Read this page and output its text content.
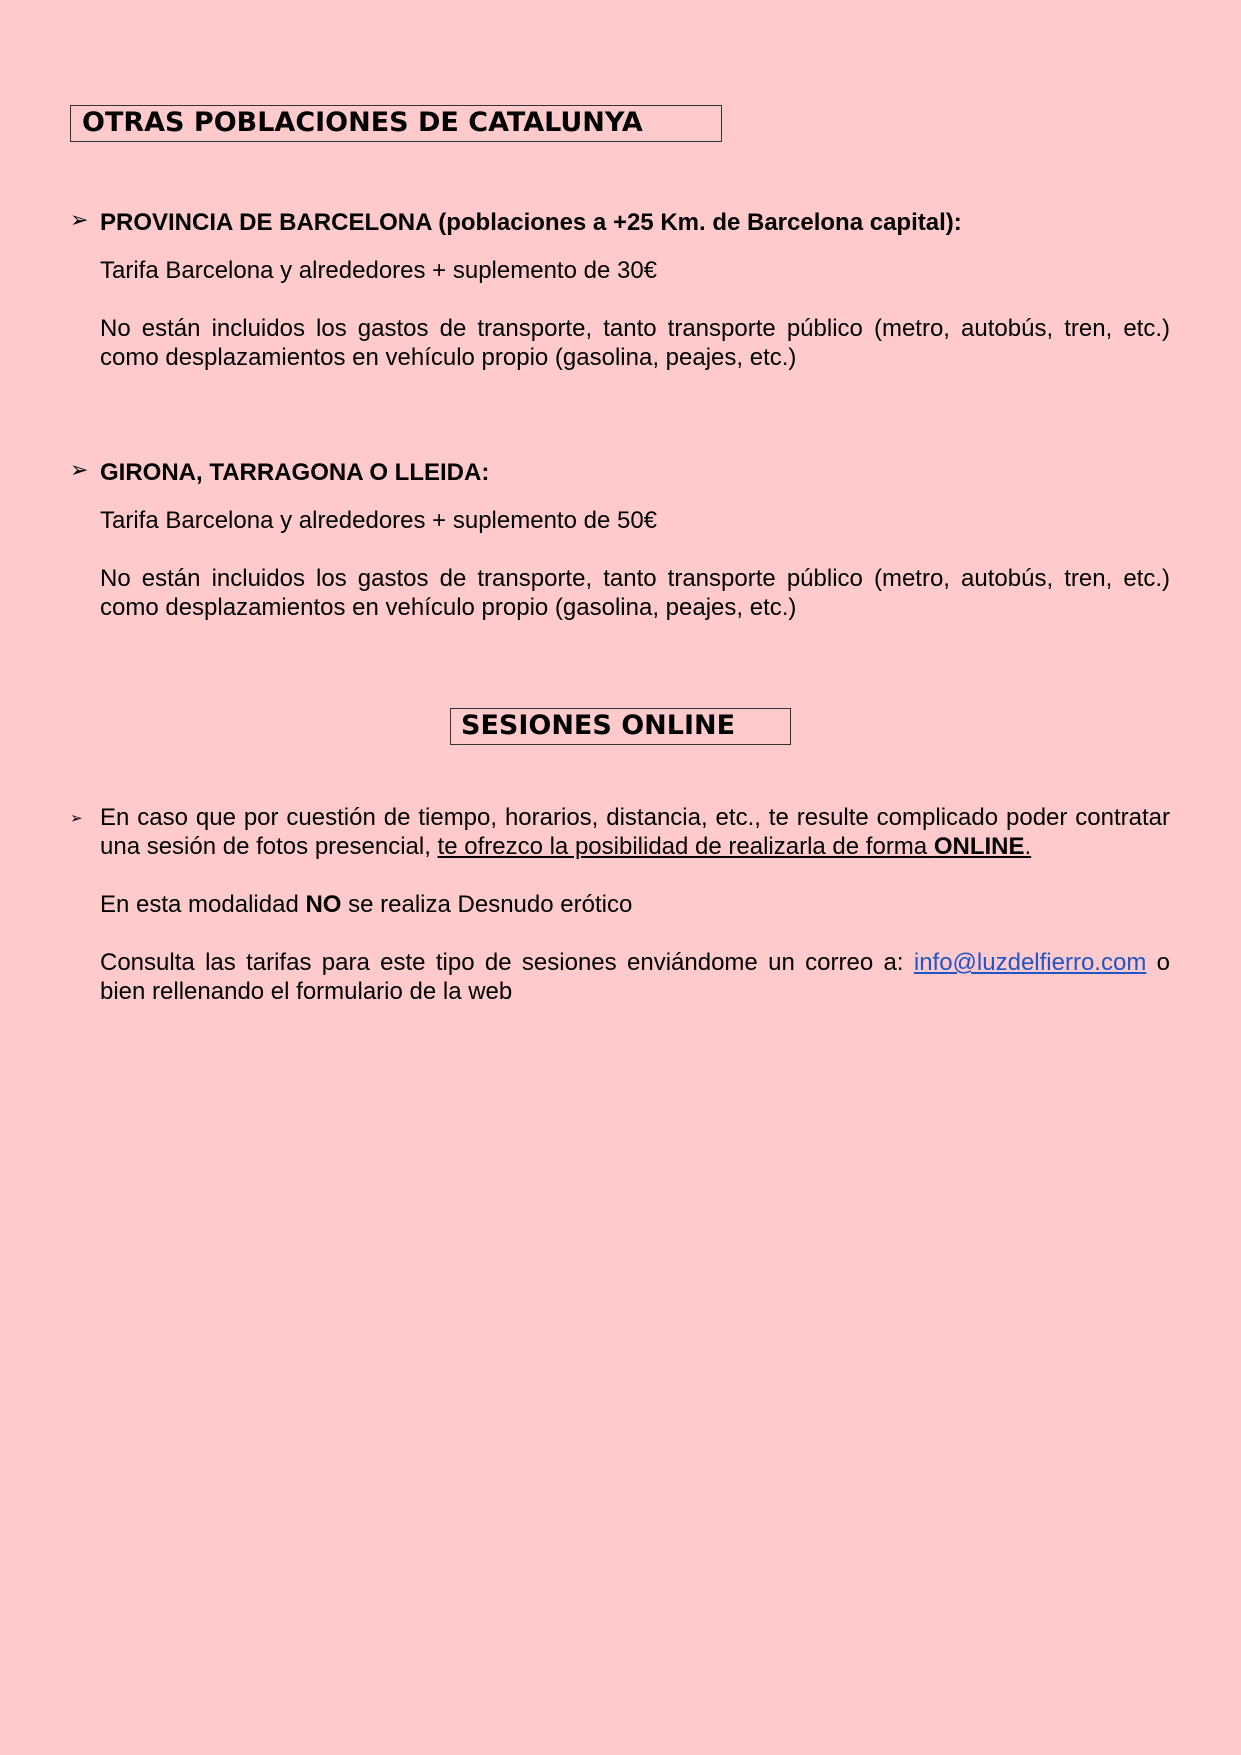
OTRAS POBLACIONES DE CATALUNYA
➢ PROVINCIA DE BARCELONA (poblaciones a +25 Km. de Barcelona capital):
Tarifa Barcelona y alrededores + suplemento de 30€
No están incluidos los gastos de transporte, tanto transporte público (metro, autobús, tren, etc.) como desplazamientos en vehículo propio (gasolina, peajes, etc.)
➢ GIRONA, TARRAGONA O LLEIDA:
Tarifa Barcelona y alrededores + suplemento de 50€
No están incluidos los gastos de transporte, tanto transporte público (metro, autobús, tren, etc.) como desplazamientos en vehículo propio (gasolina, peajes, etc.)
SESIONES ONLINE
➢ En caso que por cuestión de tiempo, horarios, distancia, etc., te resulte complicado poder contratar una sesión de fotos presencial, te ofrezco la posibilidad de realizarla de forma ONLINE.
En esta modalidad NO se realiza Desnudo erótico
Consulta las tarifas para este tipo de sesiones enviándome un correo a: info@luzdelfierro.com o bien rellenando el formulario de la web
